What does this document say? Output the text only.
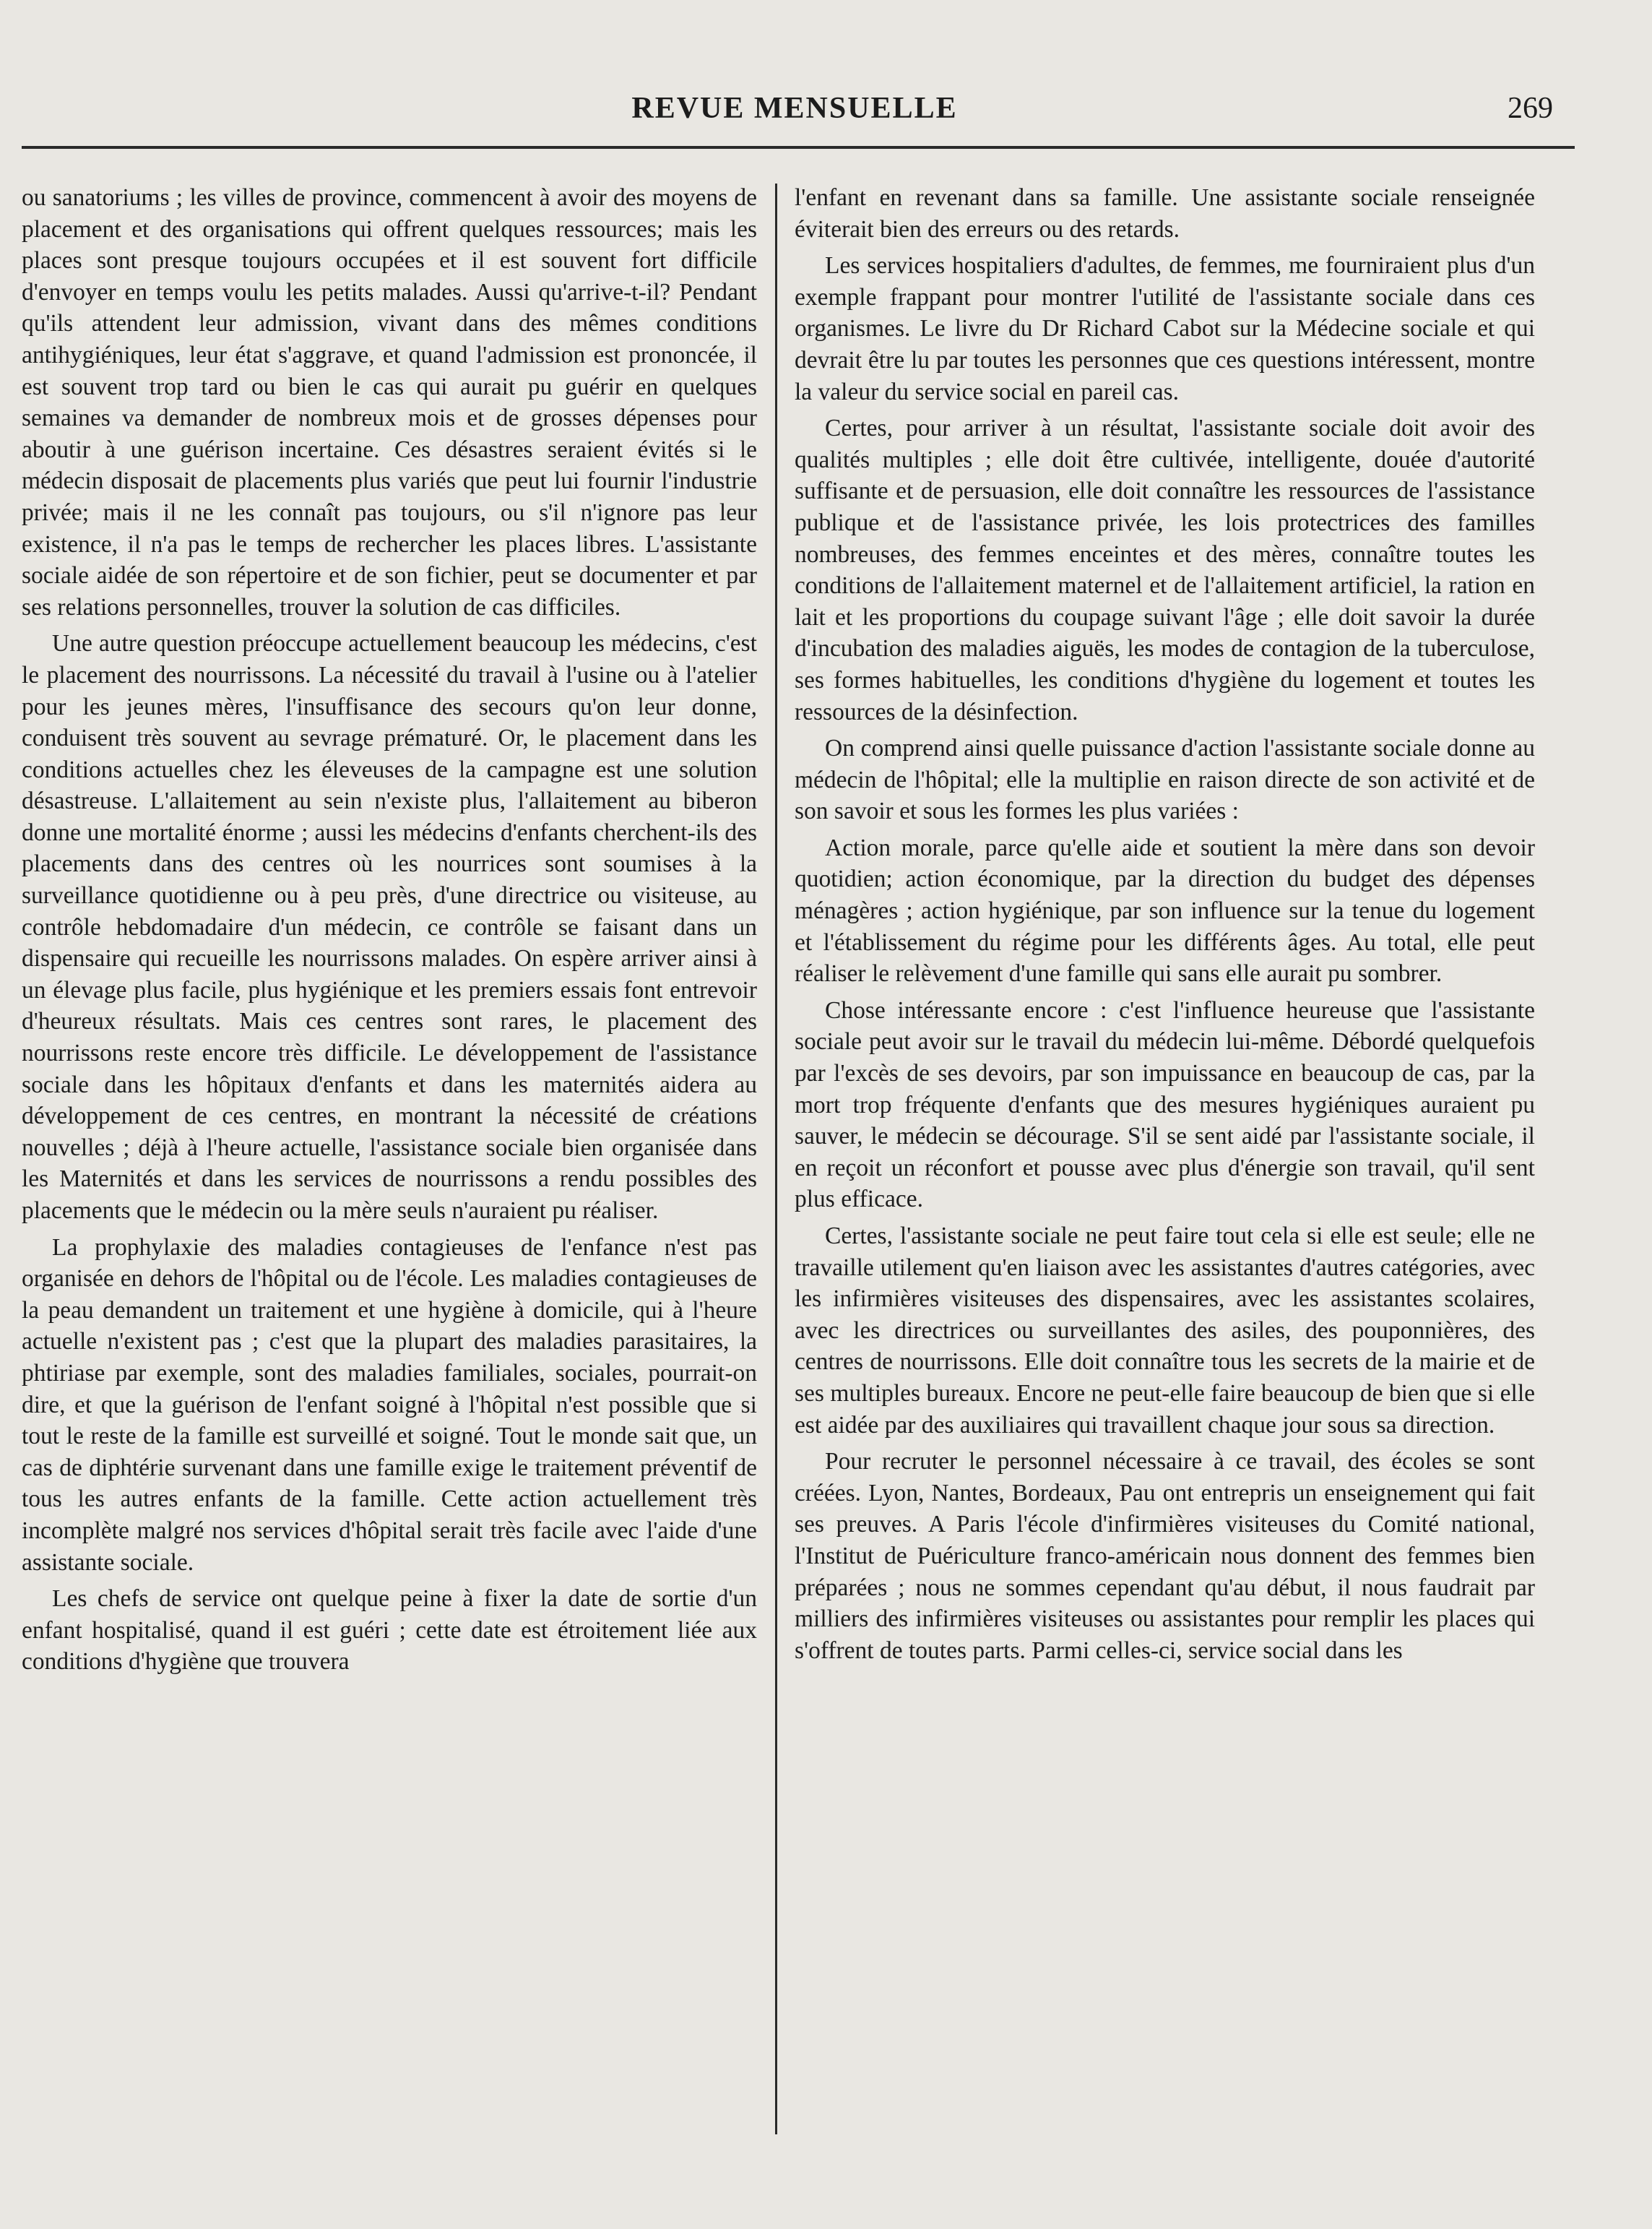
REVUE MENSUELLE	269

ou sanatoriums ; les villes de province, commencent à avoir des moyens de placement et des organisations qui offrent quelques ressources; mais les places sont presque toujours occupées et il est souvent fort difficile d'envoyer en temps voulu les petits malades. Aussi qu'arrive-t-il? Pendant qu'ils attendent leur admission, vivant dans des mêmes conditions antihygiéniques, leur état s'aggrave, et quand l'admission est prononcée, il est souvent trop tard ou bien le cas qui aurait pu guérir en quelques semaines va demander de nombreux mois et de grosses dépenses pour aboutir à une guérison incertaine. Ces désastres seraient évités si le médecin disposait de placements plus variés que peut lui fournir l'industrie privée; mais il ne les connaît pas toujours, ou s'il n'ignore pas leur existence, il n'a pas le temps de rechercher les places libres. L'assistante sociale aidée de son répertoire et de son fichier, peut se documenter et par ses relations personnelles, trouver la solution de cas difficiles.

Une autre question préoccupe actuellement beaucoup les médecins, c'est le placement des nourrissons. La nécessité du travail à l'usine ou à l'atelier pour les jeunes mères, l'insuffisance des secours qu'on leur donne, conduisent très souvent au sevrage prématuré. Or, le placement dans les conditions actuelles chez les éleveuses de la campagne est une solution désastreuse. L'allaitement au sein n'existe plus, l'allaitement au biberon donne une mortalité énorme ; aussi les médecins d'enfants cherchent-ils des placements dans des centres où les nourrices sont soumises à la surveillance quotidienne ou à peu près, d'une directrice ou visiteuse, au contrôle hebdomadaire d'un médecin, ce contrôle se faisant dans un dispensaire qui recueille les nourrissons malades. On espère arriver ainsi à un élevage plus facile, plus hygiénique et les premiers essais font entrevoir d'heureux résultats. Mais ces centres sont rares, le placement des nourrissons reste encore très difficile. Le développement de l'assistance sociale dans les hôpitaux d'enfants et dans les maternités aidera au développement de ces centres, en montrant la nécessité de créations nouvelles ; déjà à l'heure actuelle, l'assistance sociale bien organisée dans les Maternités et dans les services de nourrissons a rendu possibles des placements que le médecin ou la mère seuls n'auraient pu réaliser.

La prophylaxie des maladies contagieuses de l'enfance n'est pas organisée en dehors de l'hôpital ou de l'école. Les maladies contagieuses de la peau demandent un traitement et une hygiène à domicile, qui à l'heure actuelle n'existent pas ; c'est que la plupart des maladies parasitaires, la phtiriase par exemple, sont des maladies familiales, sociales, pourrait-on dire, et que la guérison de l'enfant soigné à l'hôpital n'est possible que si tout le reste de la famille est surveillé et soigné. Tout le monde sait que, un cas de diphtérie survenant dans une famille exige le traitement préventif de tous les autres enfants de la famille. Cette action actuellement très incomplète malgré nos services d'hôpital serait très facile avec l'aide d'une assistante sociale.

Les chefs de service ont quelque peine à fixer la date de sortie d'un enfant hospitalisé, quand il est guéri ; cette date est étroitement liée aux conditions d'hygiène que trouvera

l'enfant en revenant dans sa famille. Une assistante sociale renseignée éviterait bien des erreurs ou des retards.

Les services hospitaliers d'adultes, de femmes, me fourniraient plus d'un exemple frappant pour montrer l'utilité de l'assistante sociale dans ces organismes. Le livre du Dr Richard Cabot sur la Médecine sociale et qui devrait être lu par toutes les personnes que ces questions intéressent, montre la valeur du service social en pareil cas.

Certes, pour arriver à un résultat, l'assistante sociale doit avoir des qualités multiples ; elle doit être cultivée, intelligente, douée d'autorité suffisante et de persuasion, elle doit connaître les ressources de l'assistance publique et de l'assistance privée, les lois protectrices des familles nombreuses, des femmes enceintes et des mères, connaître toutes les conditions de l'allaitement maternel et de l'allaitement artificiel, la ration en lait et les proportions du coupage suivant l'âge ; elle doit savoir la durée d'incubation des maladies aiguës, les modes de contagion de la tuberculose, ses formes habituelles, les conditions d'hygiène du logement et toutes les ressources de la désinfection.

On comprend ainsi quelle puissance d'action l'assistante sociale donne au médecin de l'hôpital; elle la multiplie en raison directe de son activité et de son savoir et sous les formes les plus variées :

Action morale, parce qu'elle aide et soutient la mère dans son devoir quotidien; action économique, par la direction du budget des dépenses ménagères ; action hygiénique, par son influence sur la tenue du logement et l'établissement du régime pour les différents âges. Au total, elle peut réaliser le relèvement d'une famille qui sans elle aurait pu sombrer.

Chose intéressante encore : c'est l'influence heureuse que l'assistante sociale peut avoir sur le travail du médecin lui-même. Débordé quelquefois par l'excès de ses devoirs, par son impuissance en beaucoup de cas, par la mort trop fréquente d'enfants que des mesures hygiéniques auraient pu sauver, le médecin se décourage. S'il se sent aidé par l'assistante sociale, il en reçoit un réconfort et pousse avec plus d'énergie son travail, qu'il sent plus efficace.

Certes, l'assistante sociale ne peut faire tout cela si elle est seule; elle ne travaille utilement qu'en liaison avec les assistantes d'autres catégories, avec les infirmières visiteuses des dispensaires, avec les assistantes scolaires, avec les directrices ou surveillantes des asiles, des pouponnières, des centres de nourrissons. Elle doit connaître tous les secrets de la mairie et de ses multiples bureaux. Encore ne peut-elle faire beaucoup de bien que si elle est aidée par des auxiliaires qui travaillent chaque jour sous sa direction.

Pour recruter le personnel nécessaire à ce travail, des écoles se sont créées. Lyon, Nantes, Bordeaux, Pau ont entrepris un enseignement qui fait ses preuves. A Paris l'école d'infirmières visiteuses du Comité national, l'Institut de Puériculture franco-américain nous donnent des femmes bien préparées ; nous ne sommes cependant qu'au début, il nous faudrait par milliers des infirmières visiteuses ou assistantes pour remplir les places qui s'offrent de toutes parts. Parmi celles-ci, service social dans les
